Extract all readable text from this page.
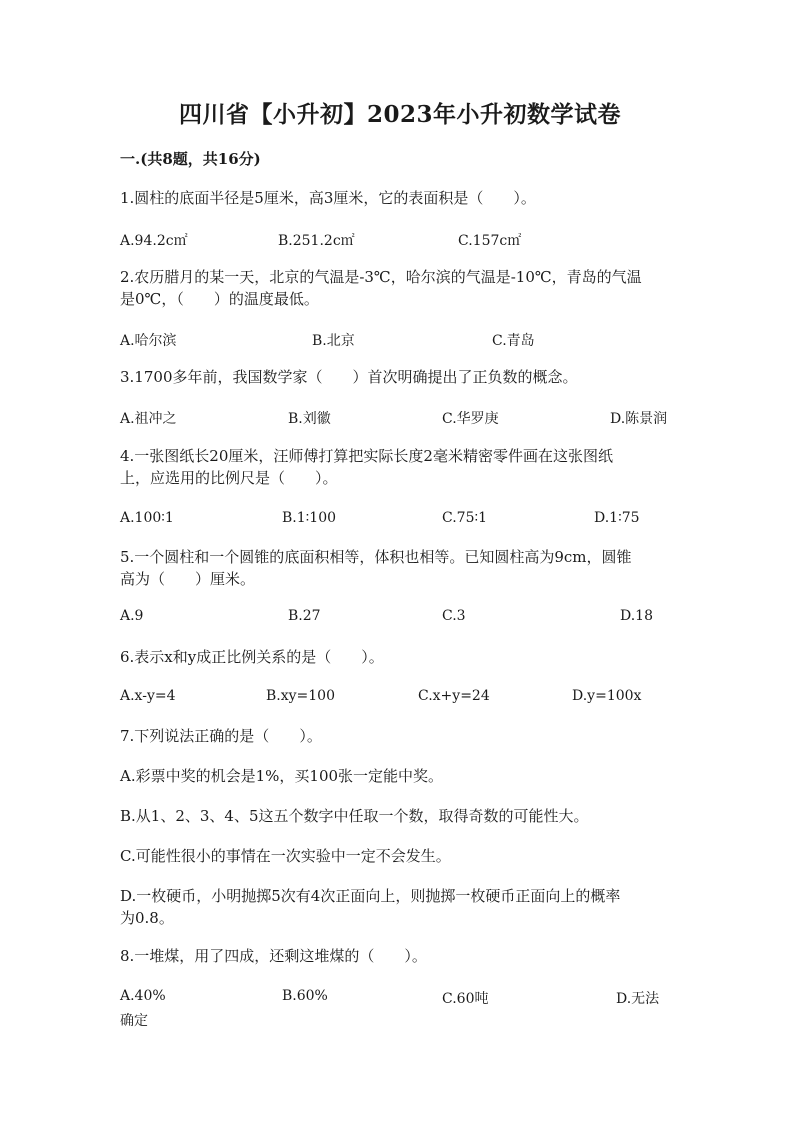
四川省【小升初】2023年小升初数学试卷
一.(共8题，共16分)
1.圆柱的底面半径是5厘米，高3厘米，它的表面积是（　　）。
A.94.2c㎡	B.251.2c㎡	C.157c㎡
2.农历腊月的某一天，北京的气温是-3℃，哈尔滨的气温是-10℃，青岛的气温
是0℃，（　　）的温度最低。
A.哈尔滨	B.北京	C.青岛
3.1700多年前，我国数学家（　　）首次明确提出了正负数的概念。
A.祖冲之	B.刘徽	C.华罗庚	D.陈景润
4.一张图纸长20厘米，汪师傅打算把实际长度2毫米精密零件画在这张图纸
上，应选用的比例尺是（　　）。
A.100∶1	B.1∶100	C.75∶1	D.1∶75
5.一个圆柱和一个圆锥的底面积相等，体积也相等。已知圆柱高为9cm，圆锥
高为（　　）厘米。
A.9	B.27	C.3	D.18
6.表示x和y成正比例关系的是（　　）。
A.x-y=4	B.xy=100	C.x+y=24	D.y=100x
7.下列说法正确的是（　　）。
A.彩票中奖的机会是1%，买100张一定能中奖。
B.从1、2、3、4、5这五个数字中任取一个数，取得奇数的可能性大。
C.可能性很小的事情在一次实验中一定不会发生。
D.一枚硬币，小明抛掷5次有4次正面向上，则抛掷一枚硬币正面向上的概率
为0.8。
8.一堆煤，用了四成，还剩这堆煤的（　　）。
A.40%	B.60%	C.60吨	D.无法
确定
